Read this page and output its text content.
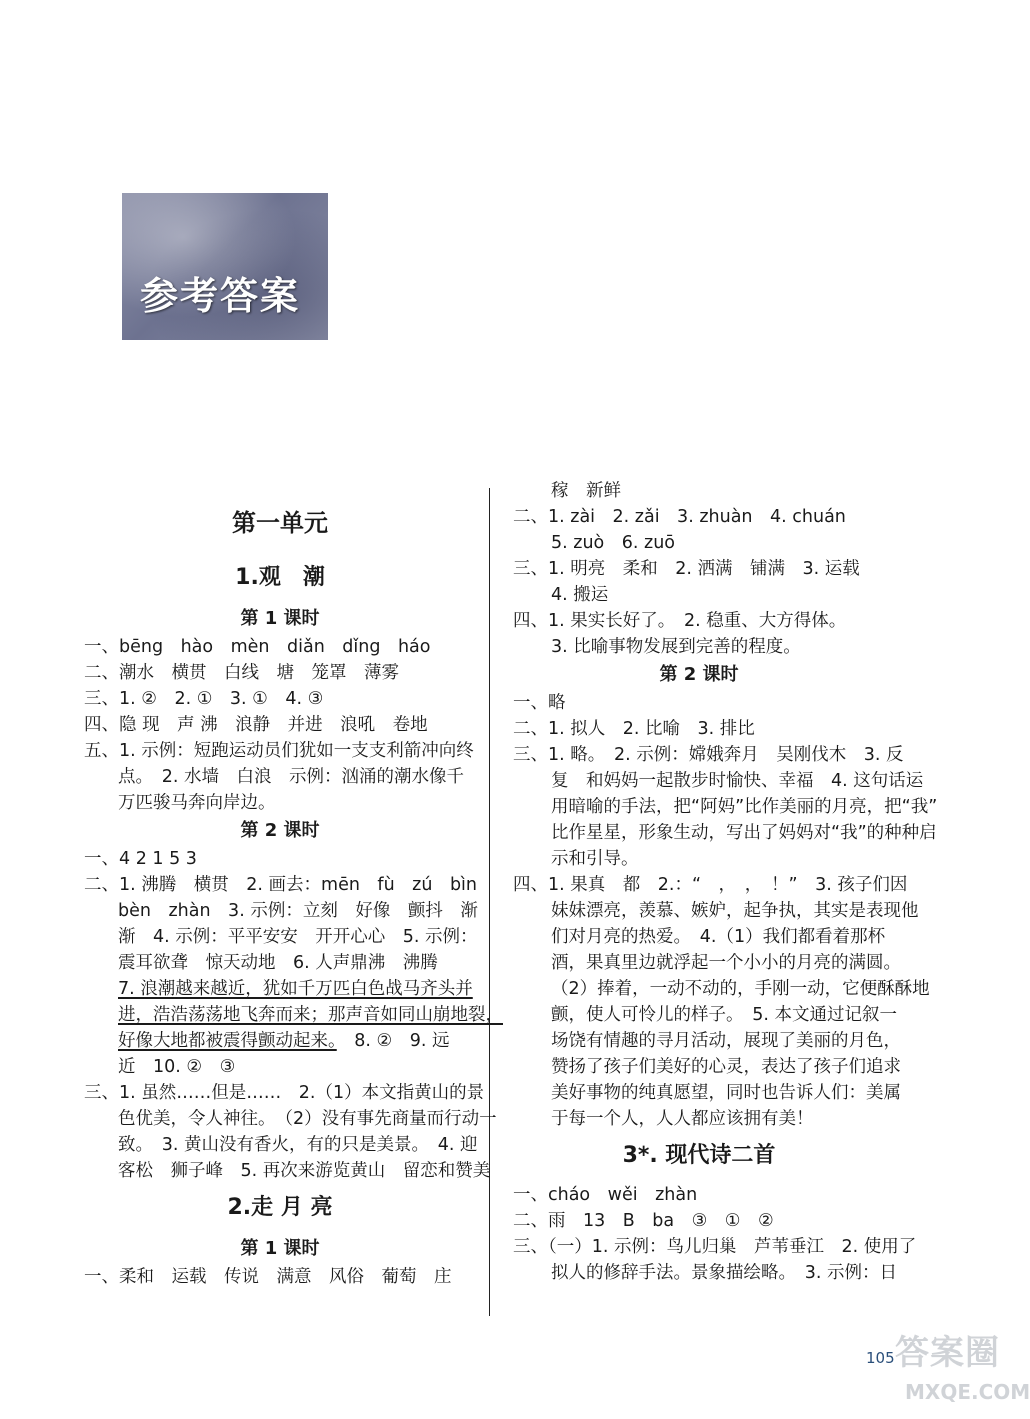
参考答案
第一单元
1.观　潮
第 1 课时
一、bēng　hào　mèn　diǎn　dǐng　háo
二、潮水　横贯　白线　塘　笼罩　薄雾
三、1. ②　2. ①　3. ①　4. ③
四、隐 现　声 沸　浪静　并进　浪吼　卷地
五、1. 示例：短跑运动员们犹如一支支利箭冲向终
点。　2. 水墙　白浪　示例：汹涌的潮水像千
万匹骏马奔向岸边。
第 2 课时
一、4 2 1 5 3
二、1. 沸腾　横贯　2. 画去：mēn　fù　zú　bìn
bèn　zhàn　3. 示例：立刻　好像　颤抖　渐
渐　4. 示例：平平安安　开开心心　5. 示例：
震耳欲聋　惊天动地　6. 人声鼎沸　沸腾
7. 浪潮越来越近，犹如千万匹白色战马齐头并
进，浩浩荡荡地飞奔而来；那声音如同山崩地裂，
好像大地都被震得颤动起来。　8. ②　9. 远
近　10. ②　③
三、1. 虽然……但是……　2.（1）本文指黄山的景
色优美，令人神往。　（2）没有事先商量而行动一
致。　3. 黄山没有香火，有的只是美景。　4. 迎
客松　狮子峰　5. 再次来游览黄山　留恋和赞美
2.走 月 亮
第 1 课时
一、柔和　运载　传说　满意　风俗　葡萄　庄
稼　新鲜
二、1. zài　2. zǎi　3. zhuàn　4. chuán
5. zuò　6. zuō
三、1. 明亮　柔和　2. 洒满　铺满　3. 运载
4. 搬运
四、1. 果实长好了。　2. 稳重、大方得体。
3. 比喻事物发展到完善的程度。
第 2 课时
一、略
二、1. 拟人　2. 比喻　3. 排比
三、1. 略。　2. 示例：嫦娥奔月　吴刚伐木　3. 反
复　和妈妈一起散步时愉快、幸福　4. 这句话运
用暗喻的手法，把“阿妈”比作美丽的月亮，把“我”
比作星星，形象生动，写出了妈妈对“我”的种种启
示和引导。
四、1. 果真　都　2.：“　，　，　！”　3. 孩子们因
妹妹漂亮，羡慕、嫉妒，起争执，其实是表现他
们对月亮的热爱。　4.（1）我们都看着那杯
酒，果真里边就浮起一个小小的月亮的满圆。
（2）捧着，一动不动的，手刚一动，它便酥酥地
颤，使人可怜儿的样子。　5. 本文通过记叙一
场饶有情趣的寻月活动，展现了美丽的月色，
赞扬了孩子们美好的心灵，表达了孩子们追求
美好事物的纯真愿望，同时也告诉人们：美属
于每一个人，人人都应该拥有美！
3*. 现代诗二首
一、cháo　wěi　zhàn
二、雨　13　B　ba　③　①　②
三、（一）1. 示例：鸟儿归巢　芦苇垂江　2. 使用了
拟人的修辞手法。景象描绘略。　3. 示例：日
105 答案圈
MXQE.COM
